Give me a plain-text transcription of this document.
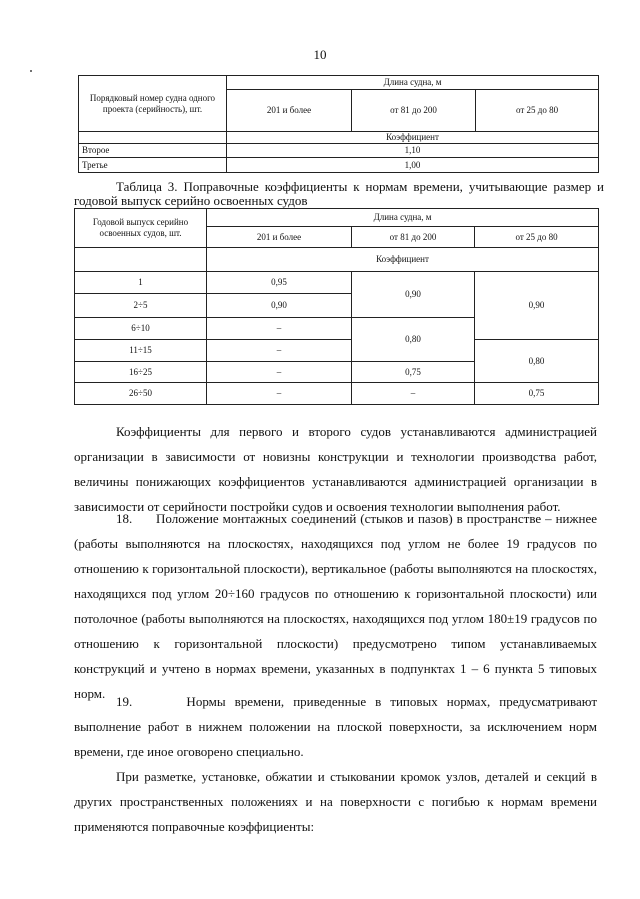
10
Порядковый номер судна одного проекта (серийность), шт.	Длина судна, м		
	201 и более	от 81 до 200	от 25 до 80
	Коэффициент		
Второе	1,10		
Третье	1,00		
Таблица 3. Поправочные коэффициенты к нормам времени, учитывающие размер и годовой выпуск серийно освоенных судов
Годовой выпуск серийно освоенных судов, шт.	Длина судна, м		
	201 и более	от 81 до 200	от 25 до 80
	Коэффициент		
1	0,95	0,90	0,90
2÷5	0,90		
6÷10	–	0,80	
11÷15	–		0,80
16÷25	–	0,75	
26÷50	–	–	0,75
Коэффициенты для первого и второго судов устанавливаются администрацией организации в зависимости от новизны конструкции и технологии производства работ, величины понижающих коэффициентов устанавливаются администрацией организации в зависимости от серийности постройки судов и освоения технологии выполнения работ.
18.      Положение монтажных соединений (стыков и пазов) в пространстве – нижнее (работы выполняются на плоскостях, находящихся под углом не более 19 градусов по отношению к горизонтальной плоскости), вертикальное (работы выполняются на плоскостях, находящихся под углом 20÷160 градусов по отношению к горизонтальной плоскости) или потолочное (работы выполняются на плоскостях, находящихся под углом 180±19 градусов по отношению к горизонтальной плоскости) предусмотрено типом устанавливаемых конструкций и учтено в нормах времени, указанных в подпунктах 1 – 6 пункта 5 типовых норм.
19.      Нормы времени, приведенные в типовых нормах, предусматривают выполнение работ в нижнем положении на плоской поверхности, за исключением норм времени, где иное оговорено специально.
При разметке, установке, обжатии и стыковании кромок узлов, деталей и секций в других пространственных положениях и на поверхности с погибью к нормам времени применяются поправочные коэффициенты:
